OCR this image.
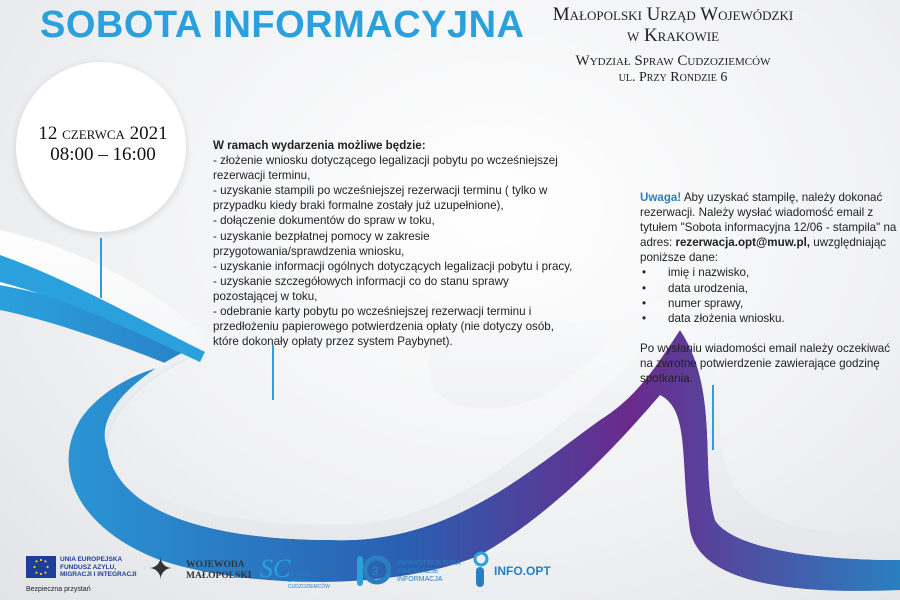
SOBOTA INFORMACYJNA	Małopolski Urząd Wojewódzki
w Krakowie
Wydział Spraw Cudzoziemców
ul. Przy Rondzie 6
12 czerwca 2021
08:00 – 16:00	W ramach wydarzenia możliwe będzie:
- złożenie wniosku dotyczącego legalizacji pobytu po wcześniejszej
rezerwacji terminu,
- uzyskanie stampili po wcześniejszej rezerwacji terminu ( tylko w
przypadku kiedy braki formalne zostały już uzupełnione),
- dołączenie dokumentów do spraw w toku,
- uzyskanie bezpłatnej pomocy w zakresie
przygotowania/sprawdzenia wniosku,
- uzyskanie informacji ogólnych dotyczących legalizacji pobytu i pracy,
- uzyskanie szczegółowych informacji co do stanu sprawy
pozostającej w toku,
- odebranie karty pobytu po wcześniejszej rezerwacji terminu i
przedłożeniu papierowego potwierdzenia opłaty (nie dotyczy osób,
które dokonały opłaty przez system Paybynet).
Uwaga! Aby uzyskać stampilę, należy dokonać rezerwacji. Należy wysłać wiadomość email z tytułem "Sobota informacyjna 12/06 - stampila" na adres: rezerwacja.opt@muw.pl, uwzględniając poniższe dane:
• imię i nazwisko,
• data urodzenia,
• numer sprawy,
• data złożenia wniosku.
Po wysłaniu wiadomości email należy oczekiwać na zwrotne potwierdzenie zawierające godzinę spotkania.
UNIA EUROPEJSKA FUNDUSZ AZYLU, MIGRACJI I INTEGRACJI
Bezpieczna przystań
✦ WOJEWODA MAŁOPOLSKI SC
WYDZIAŁ SPRAW CUDZOZIEMCÓW
3
INFRASTRUKTURA INNOWACJE INFORMACJA
INFO.OPT
